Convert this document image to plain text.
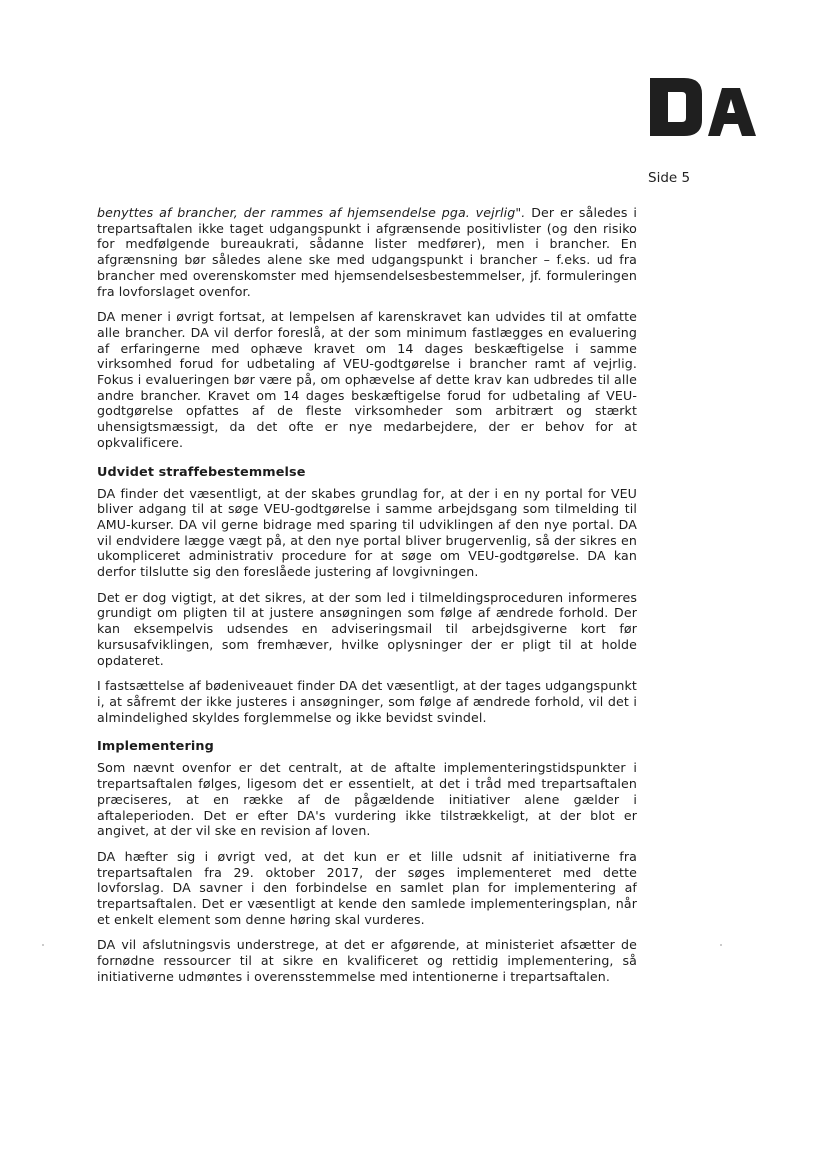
Side 5

benyttes af brancher, der rammes af hjemsendelse pga. vejrlig". Der er således i trepartsaftalen ikke taget udgangspunkt i afgrænsende positivlister (og den risiko for medfølgende bureaukrati, sådanne lister medfører), men i brancher. En afgrænsning bør således alene ske med udgangspunkt i brancher – f.eks. ud fra brancher med overenskomster med hjemsendelsesbestemmelser, jf. formuleringen fra lovforslaget ovenfor.

DA mener i øvrigt fortsat, at lempelsen af karenskravet kan udvides til at omfatte alle brancher. DA vil derfor foreslå, at der som minimum fastlægges en evaluering af erfaringerne med ophæve kravet om 14 dages beskæftigelse i samme virksomhed forud for udbetaling af VEU-godtgørelse i brancher ramt af vejrlig. Fokus i evalueringen bør være på, om ophævelse af dette krav kan udbredes til alle andre brancher. Kravet om 14 dages beskæftigelse forud for udbetaling af VEU-godtgørelse opfattes af de fleste virksomheder som arbitrært og stærkt uhensigtsmæssigt, da det ofte er nye medarbejdere, der er behov for at opkvalificere.

Udvidet straffebestemmelse

DA finder det væsentligt, at der skabes grundlag for, at der i en ny portal for VEU bliver adgang til at søge VEU-godtgørelse i samme arbejdsgang som tilmelding til AMU-kurser. DA vil gerne bidrage med sparing til udviklingen af den nye portal. DA vil endvidere lægge vægt på, at den nye portal bliver brugervenlig, så der sikres en ukompliceret administrativ procedure for at søge om VEU-godtgørelse. DA kan derfor tilslutte sig den foreslåede justering af lovgivningen.

Det er dog vigtigt, at det sikres, at der som led i tilmeldingsproceduren informeres grundigt om pligten til at justere ansøgningen som følge af ændrede forhold. Der kan eksempelvis udsendes en adviseringsmail til arbejdsgiverne kort før kursusafviklingen, som fremhæver, hvilke oplysninger der er pligt til at holde opdateret.

I fastsættelse af bødeniveauet finder DA det væsentligt, at der tages udgangspunkt i, at såfremt der ikke justeres i ansøgninger, som følge af ændrede forhold, vil det i almindelighed skyldes forglemmelse og ikke bevidst svindel.

Implementering

Som nævnt ovenfor er det centralt, at de aftalte implementeringstidspunkter i trepartsaftalen følges, ligesom det er essentielt, at det i tråd med trepartsaftalen præciseres, at en række af de pågældende initiativer alene gælder i aftaleperioden. Det er efter DA's vurdering ikke tilstrækkeligt, at der blot er angivet, at der vil ske en revision af loven.

DA hæfter sig i øvrigt ved, at det kun er et lille udsnit af initiativerne fra trepartsaftalen fra 29. oktober 2017, der søges implementeret med dette lovforslag. DA savner i den forbindelse en samlet plan for implementering af trepartsaftalen. Det er væsentligt at kende den samlede implementeringsplan, når et enkelt element som denne høring skal vurderes.

DA vil afslutningsvis understrege, at det er afgørende, at ministeriet afsætter de fornødne ressourcer til at sikre en kvalificeret og rettidig implementering, så initiativerne udmøntes i overensstemmelse med intentionerne i trepartsaftalen.
